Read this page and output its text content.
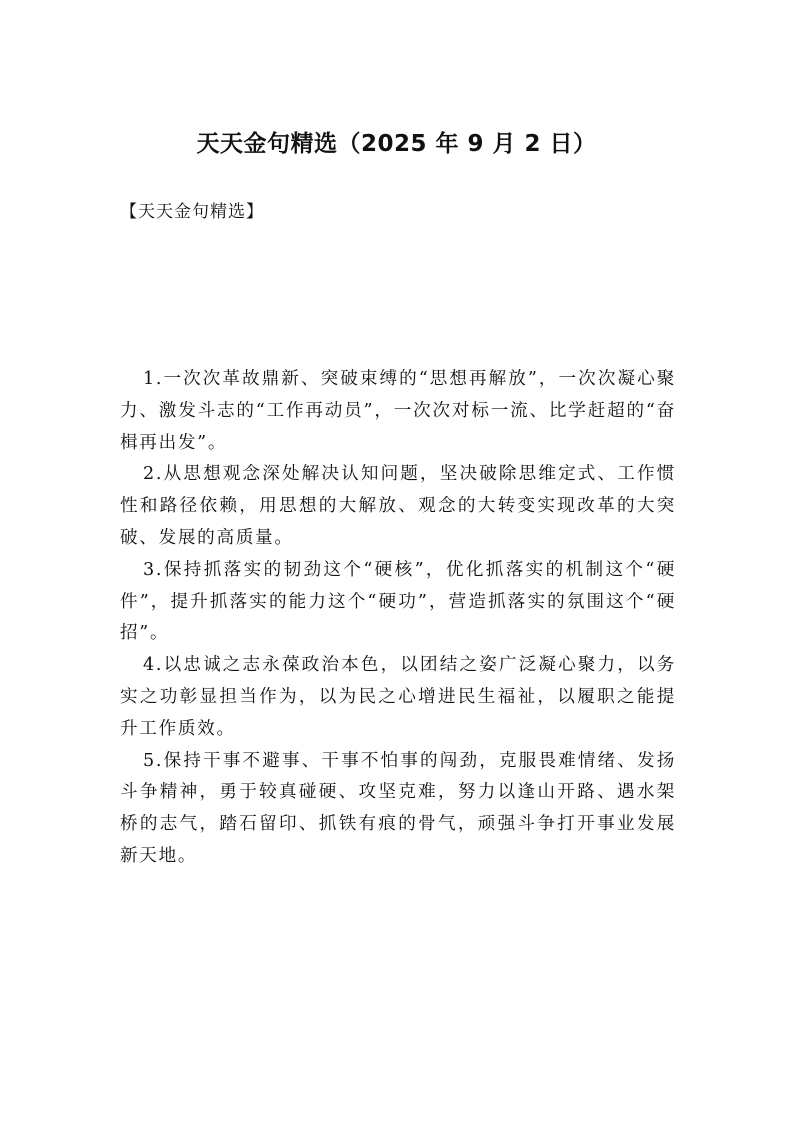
天天金句精选（2025 年 9 月 2 日）

【天天金句精选】

1.一次次革故鼎新、突破束缚的“思想再解放”，一次次凝心聚力、激发斗志的“工作再动员”，一次次对标一流、比学赶超的“奋楫再出发”。

2.从思想观念深处解决认知问题，坚决破除思维定式、工作惯性和路径依赖，用思想的大解放、观念的大转变实现改革的大突破、发展的高质量。

3.保持抓落实的韧劲这个“硬核”，优化抓落实的机制这个“硬件”，提升抓落实的能力这个“硬功”，营造抓落实的氛围这个“硬招”。

4.以忠诚之志永葆政治本色，以团结之姿广泛凝心聚力，以务实之功彰显担当作为，以为民之心增进民生福祉，以履职之能提升工作质效。

5.保持干事不避事、干事不怕事的闯劲，克服畏难情绪、发扬斗争精神，勇于较真碰硬、攻坚克难，努力以逢山开路、遇水架桥的志气，踏石留印、抓铁有痕的骨气，顽强斗争打开事业发展新天地。
